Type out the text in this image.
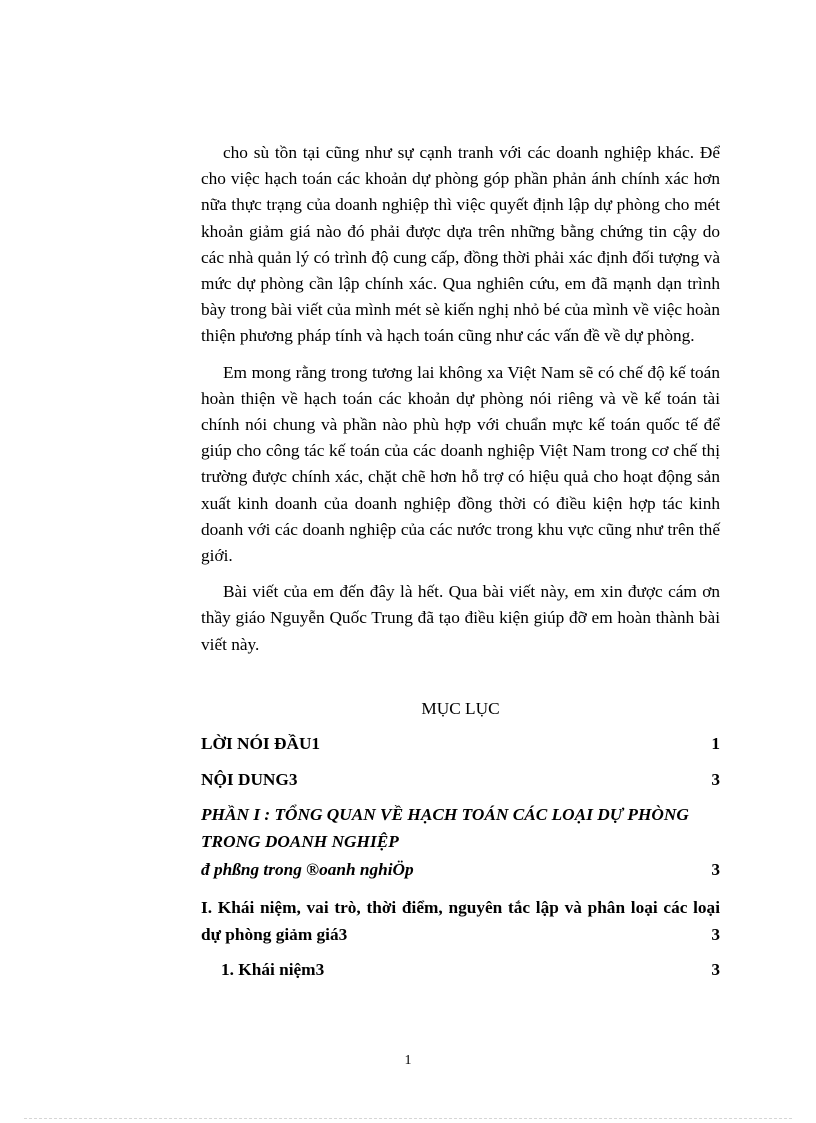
cho sù tồn tại cũng như sự cạnh tranh với các doanh nghiệp khác. Để cho việc hạch toán các khoản dự phòng góp phần phản ánh chính xác hơn nữa thực trạng của doanh nghiệp thì việc quyết định lập dự phòng cho mét khoản giảm giá nào đó phải được dựa trên những bằng chứng tin cậy do các nhà quản lý có trình độ cung cấp, đồng thời phải xác định đối tượng và mức dự phòng cần lập chính xác. Qua nghiên cứu, em đã mạnh dạn trình bày trong bài viết của mình mét sè kiến nghị nhỏ bé của mình về việc hoàn thiện phương pháp tính và hạch toán cũng như các vấn đề về dự phòng.

Em mong rằng trong tương lai không xa Việt Nam sẽ có chế độ kế toán hoàn thiện về hạch toán các khoản dự phòng nói riêng và về kế toán tài chính nói chung và phần nào phù hợp với chuẩn mực kế toán quốc tế để giúp cho công tác kế toán của các doanh nghiệp Việt Nam trong cơ chế thị trường được chính xác, chặt chẽ hơn hỗ trợ có hiệu quả cho hoạt động sản xuất kinh doanh của doanh nghiệp đồng thời có điều kiện hợp tác kinh doanh với các doanh nghiệp của các nước trong khu vực cũng như trên thế giới.

Bài viết của em đến đây là hết. Qua bài viết này, em xin được cám ơn thầy giáo Nguyễn Quốc Trung đã tạo điều kiện giúp đỡ em hoàn thành bài viết này.

MỤC LỤC
LỜI NÓI ĐẦU1	1
NỘI DUNG3	3
PHẦN I : TỔNG QUAN VỀ HẠCH TOÁN CÁC LOẠI DỰ PHÒNG TRONG DOANH NGHIỆP
đ phßng trong ®oanh nghiÖp	3
I. Khái niệm, vai trò, thời điểm, nguyên tắc lập và phân loại các loại dự phòng giảm giá3	3
1. Khái niệm3	3
1
